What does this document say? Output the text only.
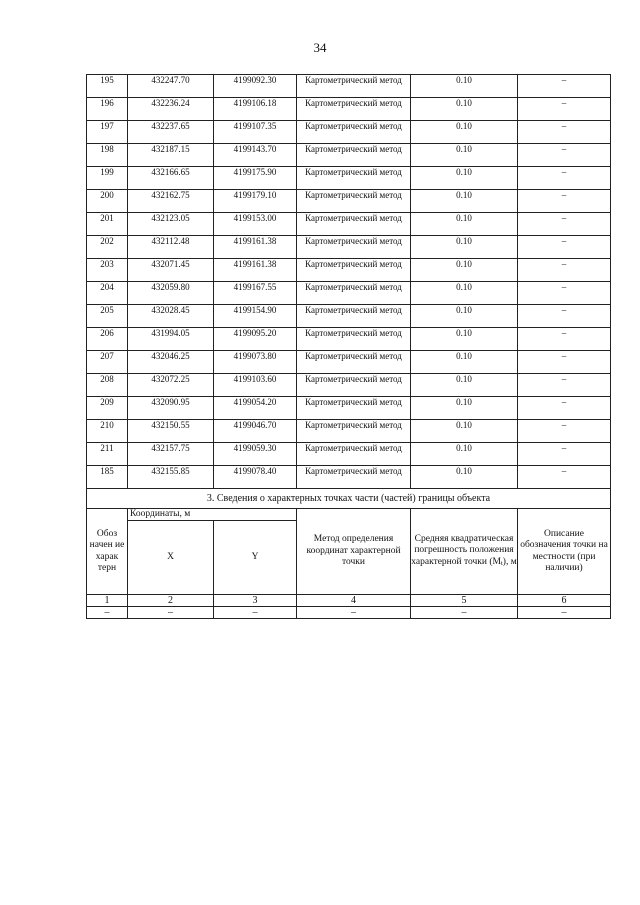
34
195	432247.70	4199092.30	Картометрический метод	0.10	–
196	432236.24	4199106.18	Картометрический метод	0.10	–
197	432237.65	4199107.35	Картометрический метод	0.10	–
198	432187.15	4199143.70	Картометрический метод	0.10	–
199	432166.65	4199175.90	Картометрический метод	0.10	–
200	432162.75	4199179.10	Картометрический метод	0.10	–
201	432123.05	4199153.00	Картометрический метод	0.10	–
202	432112.48	4199161.38	Картометрический метод	0.10	–
203	432071.45	4199161.38	Картометрический метод	0.10	–
204	432059.80	4199167.55	Картометрический метод	0.10	–
205	432028.45	4199154.90	Картометрический метод	0.10	–
206	431994.05	4199095.20	Картометрический метод	0.10	–
207	432046.25	4199073.80	Картометрический метод	0.10	–
208	432072.25	4199103.60	Картометрический метод	0.10	–
209	432090.95	4199054.20	Картометрический метод	0.10	–
210	432150.55	4199046.70	Картометрический метод	0.10	–
211	432157.75	4199059.30	Картометрический метод	0.10	–
185	432155.85	4199078.40	Картометрический метод	0.10	–
3. Сведения о характерных точках части (частей) границы объекта					
Обоз начен ие харак терн	Координаты, м		Метод определения координат характерной точки	Средняя квадратическая погрешность положения характерной точки (Mt), м	Описание обозначения точки на местности (при наличии)
	X	Y			
1	2	3	4	5	6
–	–	–	–	–	–
